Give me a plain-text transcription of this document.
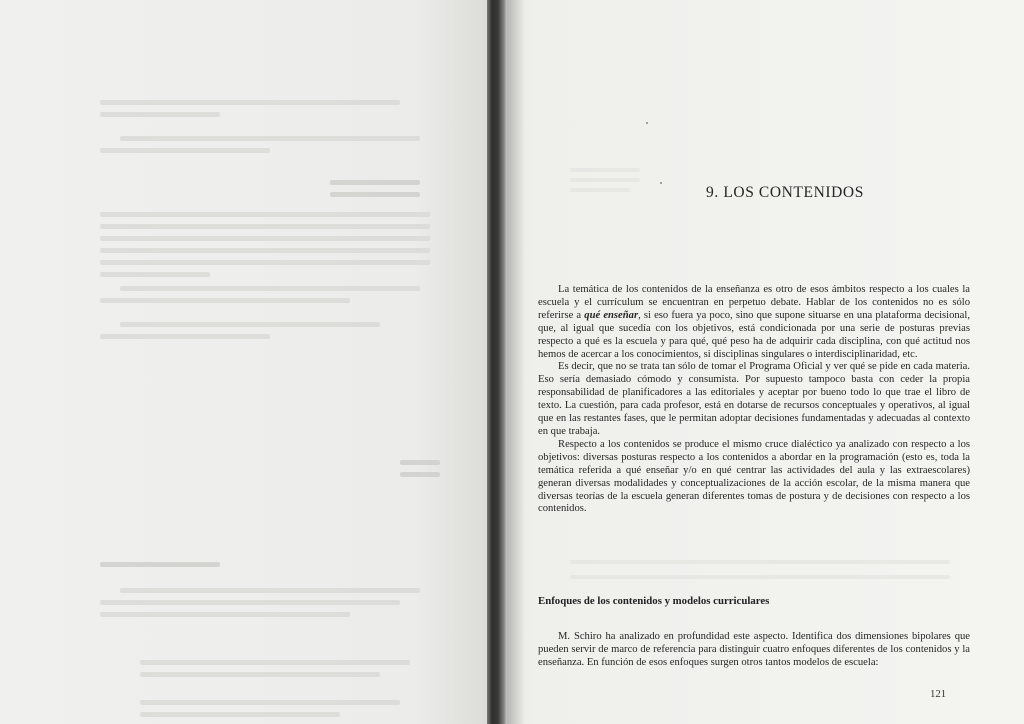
9. LOS CONTENIDOS

La temática de los contenidos de la enseñanza es otro de esos ámbitos respecto a los cuales la escuela y el currículum se encuentran en perpetuo debate. Hablar de los contenidos no es sólo referirse a qué enseñar, si eso fuera ya poco, sino que supone situarse en una plataforma decisional, que, al igual que sucedía con los objetivos, está condicionada por una serie de posturas previas respecto a qué es la escuela y para qué, qué peso ha de adquirir cada disciplina, con qué actitud nos hemos de acercar a los conocimientos, si disciplinas singulares o interdisciplinaridad, etc.

Es decir, que no se trata tan sólo de tomar el Programa Oficial y ver qué se pide en cada materia. Eso sería demasiado cómodo y consumista. Por supuesto tampoco basta con ceder la propia responsabilidad de planificadores a las editoriales y aceptar por bueno todo lo que trae el libro de texto. La cuestión, para cada profesor, está en dotarse de recursos conceptuales y operativos, al igual que en las restantes fases, que le permitan adoptar decisiones fundamentadas y adecuadas al contexto en que trabaja.

Respecto a los contenidos se produce el mismo cruce dialéctico ya analizado con respecto a los objetivos: diversas posturas respecto a los contenidos a abordar en la programación (esto es, toda la temática referida a qué enseñar y/o en qué centrar las actividades del aula y las extraescolares) generan diversas modalidades y conceptualizaciones de la acción escolar, de la misma manera que diversas teorías de la escuela generan diferentes tomas de postura y de decisiones con respecto a los contenidos.

Enfoques de los contenidos y modelos curriculares

M. Schiro ha analizado en profundidad este aspecto. Identifica dos dimensiones bipolares que pueden servir de marco de referencia para distinguir cuatro enfoques diferentes de los contenidos y la enseñanza. En función de esos enfoques surgen otros tantos modelos de escuela:

121
